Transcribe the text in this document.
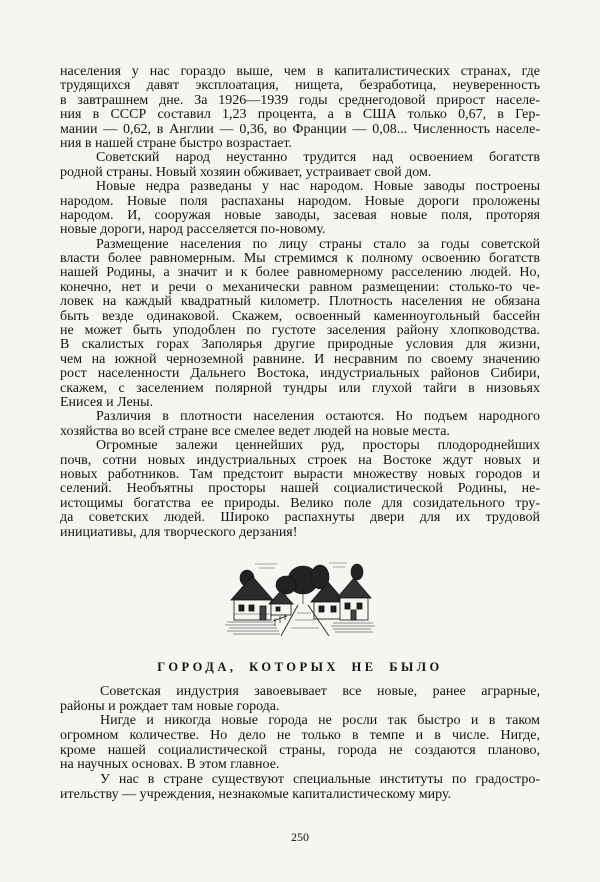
населения у нас гораздо выше, чем в капиталистических странах, где
трудящихся давят эксплоатация, нищета, безработица, неуверенность
в завтрашнем дне. За 1926—1939 годы среднегодовой прирост населе-
ния в СССР составил 1,23 процента, а в США только 0,67, в Гер-
мании — 0,62, в Англии — 0,36, во Франции — 0,08... Численность населе-
ния в нашей стране быстро возрастает.
Советский народ неустанно трудится над освоением богатств
родной страны. Новый хозяин обживает, устраивает свой дом.
Новые недра разведаны у нас народом. Новые заводы построены
народом. Новые поля распаханы народом. Новые дороги проложены
народом. И, сооружая новые заводы, засевая новые поля, проторяя
новые дороги, народ расселяется по-новому.
Размещение населения по лицу страны стало за годы советской
власти более равномерным. Мы стремимся к полному освоению богатств
нашей Родины, а значит и к более равномерному расселению людей. Но,
конечно, нет и речи о механически равном размещении: столько-то че-
ловек на каждый квадратный километр. Плотность населения не обязана
быть везде одинаковой. Скажем, освоенный каменноугольный бассейн
не может быть уподоблен по густоте заселения району хлопководства.
В скалистых горах Заполярья другие природные условия для жизни,
чем на южной черноземной равнине. И несравним по своему значению
рост населенности Дальнего Востока, индустриальных районов Сибири,
скажем, с заселением полярной тундры или глухой тайги в низовьях
Енисея и Лены.
Различия в плотности населения остаются. Но подъем народного
хозяйства во всей стране все смелее ведет людей на новые места.
Огромные залежи ценнейших руд, просторы плодороднейших
почв, сотни новых индустриальных строек на Востоке ждут новых и
новых работников. Там предстоит вырасти множеству новых городов и
селений. Необъятны просторы нашей социалистической Родины, не-
истощимы богатства ее природы. Велико поле для созидательного тру-
да советских людей. Широко распахнуты двери для их трудовой
инициативы, для творческого дерзания!
ГОРОДА, КОТОРЫХ НЕ БЫЛО
Советская индустрия завоевывает все новые, ранее аграрные,
районы и рождает там новые города.
Нигде и никогда новые города не росли так быстро и в таком
огромном количестве. Но дело не только в темпе и в числе. Нигде,
кроме нашей социалистической страны, города не создаются планово,
на научных основах. В этом главное.
У нас в стране существуют специальные институты по градостро-
ительству — учреждения, незнакомые капиталистическому миру.
250
